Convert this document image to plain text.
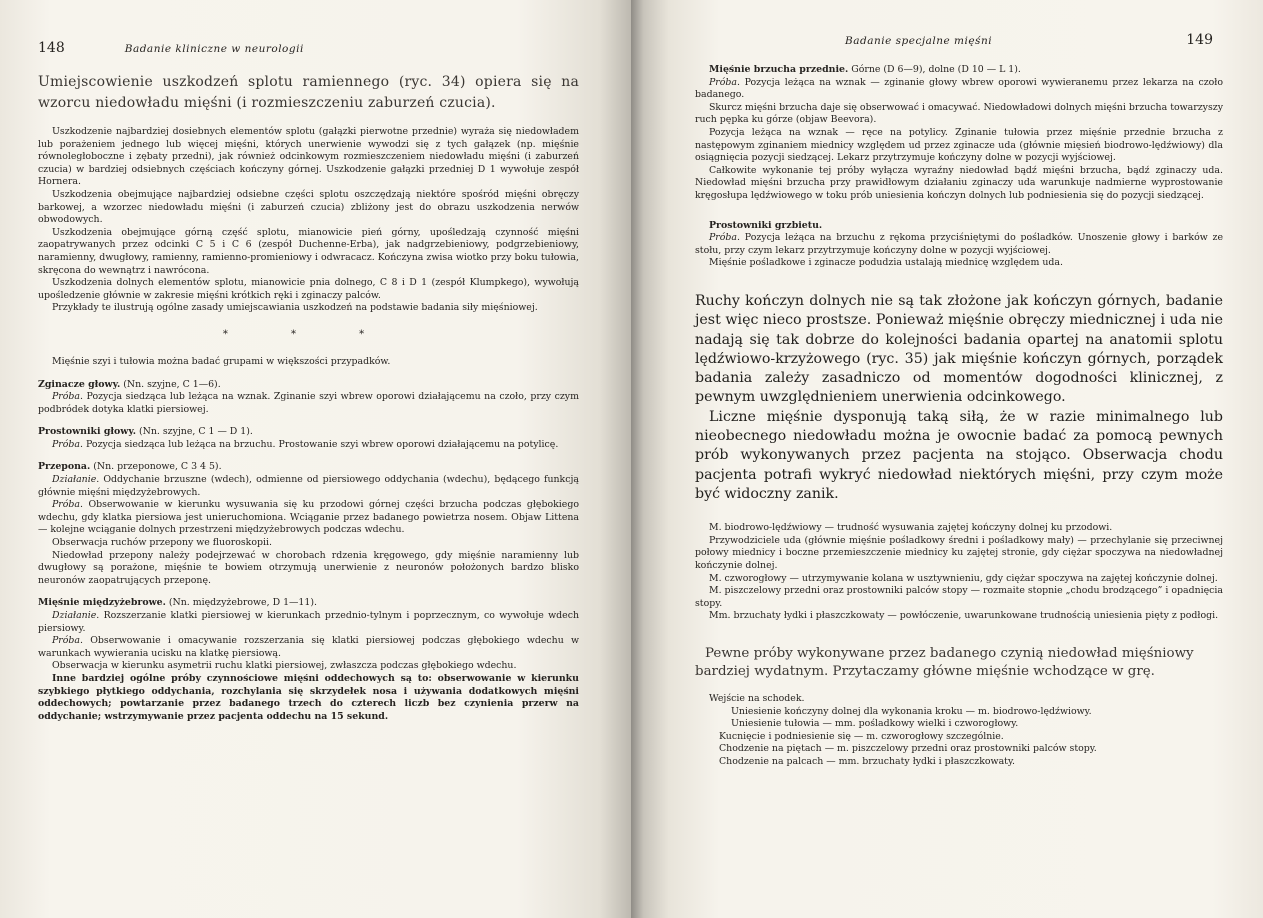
148	Badanie kliniczne w neurologii
Umiejscowienie uszkodzeń splotu ramiennego (ryc. 34) opiera się na wzorcu niedowładu mięśni (i rozmieszczeniu zaburzeń czucia).

Uszkodzenie najbardziej dosiebnych elementów splotu (gałązki pierwotne przednie) wyraża się niedowładem lub porażeniem jednego lub więcej mięśni, których unerwienie wywodzi się z tych gałązek (np. mięśnie równoległoboczne i zębaty przedni), jak również odcinkowym rozmieszczeniem niedowładu mięśni (i zaburzeń czucia) w bardziej odsiebnych częściach kończyny górnej. Uszkodzenie gałązki przedniej D 1 wywołuje zespół Hornera.

Uszkodzenia obejmujące najbardziej odsiebne części splotu oszczędzają niektóre spośród mięśni obręczy barkowej, a wzorzec niedowładu mięśni (i zaburzeń czucia) zbliżony jest do obrazu uszkodzenia nerwów obwodowych.

Uszkodzenia obejmujące górną część splotu, mianowicie pień górny, upośledzają czynność mięśni zaopatrywanych przez odcinki C 5 i C 6 (zespół Duchenne-Erba), jak nadgrzebieniowy, podgrzebieniowy, naramienny, dwugłowy, ramienny, ramienno-promieniowy i odwracacz. Kończyna zwisa wiotko przy boku tułowia, skręcona do wewnątrz i nawrócona.

Uszkodzenia dolnych elementów splotu, mianowicie pnia dolnego, C 8 i D 1 (zespół Klumpkego), wywołują upośledzenie głównie w zakresie mięśni krótkich ręki i zginaczy palców.

Przykłady te ilustrują ogólne zasady umiejscawiania uszkodzeń na podstawie badania siły mięśniowej.

* * *

Mięśnie szyi i tułowia można badać grupami w większości przypadków.

Zginacze głowy. (Nn. szyjne, C 1—6).

Próba. Pozycja siedząca lub leżąca na wznak. Zginanie szyi wbrew oporowi działającemu na czoło, przy czym podbródek dotyka klatki piersiowej.

Prostowniki głowy. (Nn. szyjne, C 1 — D 1).

Próba. Pozycja siedząca lub leżąca na brzuchu. Prostowanie szyi wbrew oporowi działającemu na potylicę.

Przepona. (Nn. przeponowe, C 3 4 5).

Działanie. Oddychanie brzuszne (wdech), odmienne od piersiowego oddychania (wdechu), będącego funkcją głównie mięśni międzyżebrowych.

Próba. Obserwowanie w kierunku wysuwania się ku przodowi górnej części brzucha podczas głębokiego wdechu, gdy klatka piersiowa jest unieruchomiona. Wciąganie przez badanego powietrza nosem. Objaw Littena — kolejne wciąganie dolnych przestrzeni międzyżebrowych podczas wdechu.

Obserwacja ruchów przepony we fluoroskopii.

Niedowład przepony należy podejrzewać w chorobach rdzenia kręgowego, gdy mięśnie naramienny lub dwugłowy są porażone, mięśnie te bowiem otrzymują unerwienie z neuronów położonych bardzo blisko neuronów zaopatrujących przeponę.

Mięśnie międzyżebrowe. (Nn. międzyżebrowe, D 1—11).

Działanie. Rozszerzanie klatki piersiowej w kierunkach przednio-tylnym i poprzecznym, co wywołuje wdech piersiowy.

Próba. Obserwowanie i omacywanie rozszerzania się klatki piersiowej podczas głębokiego wdechu w warunkach wywierania ucisku na klatkę piersiową.

Obserwacja w kierunku asymetrii ruchu klatki piersiowej, zwłaszcza podczas głębokiego wdechu.

Inne bardziej ogólne próby czynnościowe mięśni oddechowych są to: obserwowanie w kierunku szybkiego płytkiego oddychania, rozchylania się skrzydełek nosa i używania dodatkowych mięśni oddechowych; powtarzanie przez badanego trzech do czterech liczb bez czynienia przerw na oddychanie; wstrzymywanie przez pacjenta oddechu na 15 sekund.

Badanie specjalne mięśni	149

Mięśnie brzucha przednie. Górne (D 6—9), dolne (D 10 — L 1).

Próba. Pozycja leżąca na wznak — zginanie głowy wbrew oporowi wywieranemu przez lekarza na czoło badanego.

Skurcz mięśni brzucha daje się obserwować i omacywać. Niedowładowi dolnych mięśni brzucha towarzyszy ruch pępka ku górze (objaw Beevora).

Pozycja leżąca na wznak — ręce na potylicy. Zginanie tułowia przez mięśnie przednie brzucha z następowym zginaniem miednicy względem ud przez zginacze uda (głównie mięsień biodrowo-lędźwiowy) dla osiągnięcia pozycji siedzącej. Lekarz przytrzymuje kończyny dolne w pozycji wyjściowej.

Całkowite wykonanie tej próby wyłącza wyraźny niedowład bądź mięśni brzucha, bądź zginaczy uda. Niedowład mięśni brzucha przy prawidłowym działaniu zginaczy uda warunkuje nadmierne wyprostowanie kręgosłupa lędźwiowego w toku prób uniesienia kończyn dolnych lub podniesienia się do pozycji siedzącej.

Prostowniki grzbietu.

Próba. Pozycja leżąca na brzuchu z rękoma przyciśniętymi do pośladków. Unoszenie głowy i barków ze stołu, przy czym lekarz przytrzymuje kończyny dolne w pozycji wyjściowej.

Mięśnie pośladkowe i zginacze podudzia ustalają miednicę względem uda.

Ruchy kończyn dolnych nie są tak złożone jak kończyn górnych, badanie jest więc nieco prostsze. Ponieważ mięśnie obręczy miednicznej i uda nie nadają się tak dobrze do kolejności badania opartej na anatomii splotu lędźwiowo-krzyżowego (ryc. 35) jak mięśnie kończyn górnych, porządek badania zależy zasadniczo od momentów dogodności klinicznej, z pewnym uwzględnieniem unerwienia odcinkowego.

Liczne mięśnie dysponują taką siłą, że w razie minimalnego lub nieobecnego niedowładu można je owocnie badać za pomocą pewnych prób wykonywanych przez pacjenta na stojąco. Obserwacja chodu pacjenta potrafi wykryć niedowład niektórych mięśni, przy czym może być widoczny zanik.

M. biodrowo-lędźwiowy — trudność wysuwania zajętej kończyny dolnej ku przodowi.

Przywodziciele uda (głównie mięśnie pośladkowy średni i pośladkowy mały) — przechylanie się przeciwnej połowy miednicy i boczne przemieszczenie miednicy ku zajętej stronie, gdy ciężar spoczywa na niedowładnej kończynie dolnej.

M. czworogłowy — utrzymywanie kolana w usztywnieniu, gdy ciężar spoczywa na zajętej kończynie dolnej.

M. piszczelowy przedni oraz prostowniki palców stopy — rozmaite stopnie „chodu brodzącego” i opadnięcia stopy.

Mm. brzuchaty łydki i płaszczkowaty — powłóczenie, uwarunkowane trudnością uniesienia pięty z podłogi.

Pewne próby wykonywane przez badanego czynią niedowład mięśniowy bardziej wydatnym. Przytaczamy główne mięśnie wchodzące w grę.

Wejście na schodek.

Uniesienie kończyny dolnej dla wykonania kroku — m. biodrowo-lędźwiowy.

Uniesienie tułowia — mm. pośladkowy wielki i czworogłowy.

Kucnięcie i podniesienie się — m. czworogłowy szczególnie.

Chodzenie na piętach — m. piszczelowy przedni oraz prostowniki palców stopy.

Chodzenie na palcach — mm. brzuchaty łydki i płaszczkowaty.
